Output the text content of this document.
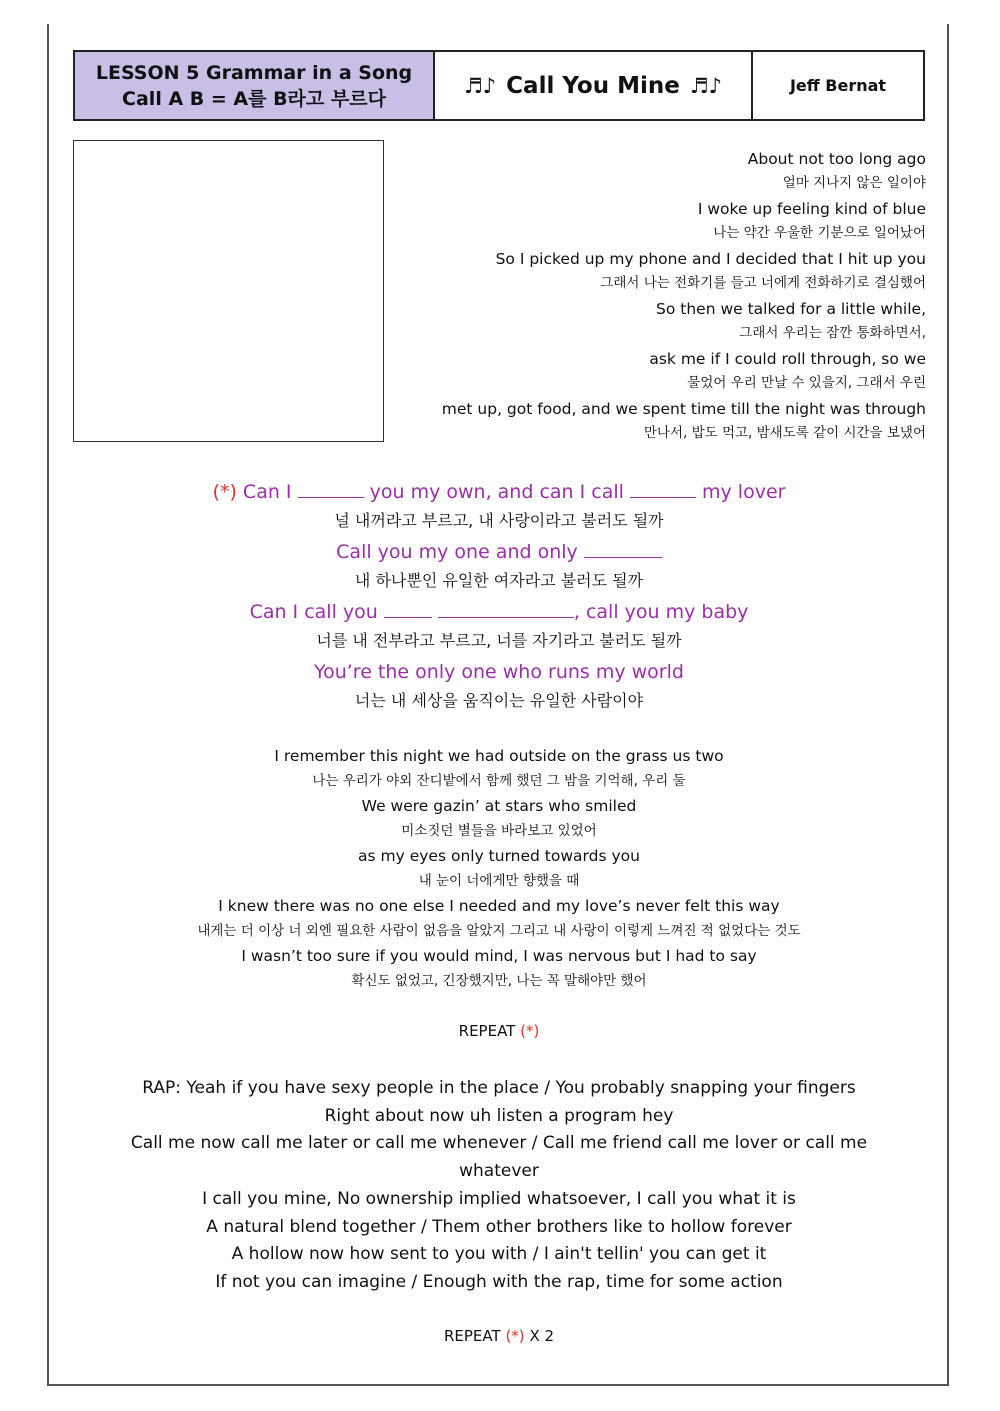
LESSON 5 Grammar in a Song
Call A B = A를 B라고 부르다
♬♪ Call You Mine ♬♪	Jeff Bernat
About not too long ago
얼마 지나지 않은 일이야
I woke up feeling kind of blue
나는 약간 우울한 기분으로 일어났어
So I picked up my phone and I decided that I hit up you
그래서 나는 전화기를 들고 너에게 전화하기로 결심했어
So then we talked for a little while,
그래서 우리는 잠깐 통화하면서,
ask me if I could roll through, so we
물었어 우리 만날 수 있을지, 그래서 우린
met up, got food, and we spent time till the night was through
만나서, 밥도 먹고, 밤새도록 같이 시간을 보냈어
(*) Can I	you my own, and can I call	my lover
널 내꺼라고 부르고, 내 사랑이라고 불러도 될까
Call you my one and only
내 하나뿐인 유일한 여자라고 불러도 될까
Can I call you	, call you my baby
너를 내 전부라고 부르고, 너를 자기라고 불러도 될까
You’re the only one who runs my world
너는 내 세상을 움직이는 유일한 사람이야
I remember this night we had outside on the grass us two
나는 우리가 야외 잔디밭에서 함께 했던 그 밤을 기억해, 우리 둘
We were gazin’ at stars who smiled
미소짓던 별들을 바라보고 있었어
as my eyes only turned towards you
내 눈이 너에게만 향했을 때
I knew there was no one else I needed and my love’s never felt this way
내게는 더 이상 너 외엔 필요한 사람이 없음을 알았지 그리고 내 사랑이 이렇게 느껴진 적 없었다는 것도
I wasn’t too sure if you would mind, I was nervous but I had to say
확신도 없었고, 긴장했지만, 나는 꼭 말해야만 했어
REPEAT (*)
RAP: Yeah if you have sexy people in the place / You probably snapping your fingers
Right about now uh listen a program hey
Call me now call me later or call me whenever / Call me friend call me lover or call me
whatever
I call you mine, No ownership implied whatsoever, I call you what it is
A natural blend together / Them other brothers like to hollow forever
A hollow now how sent to you with / I ain't tellin' you can get it
If not you can imagine / Enough with the rap, time for some action
REPEAT (*) X 2
